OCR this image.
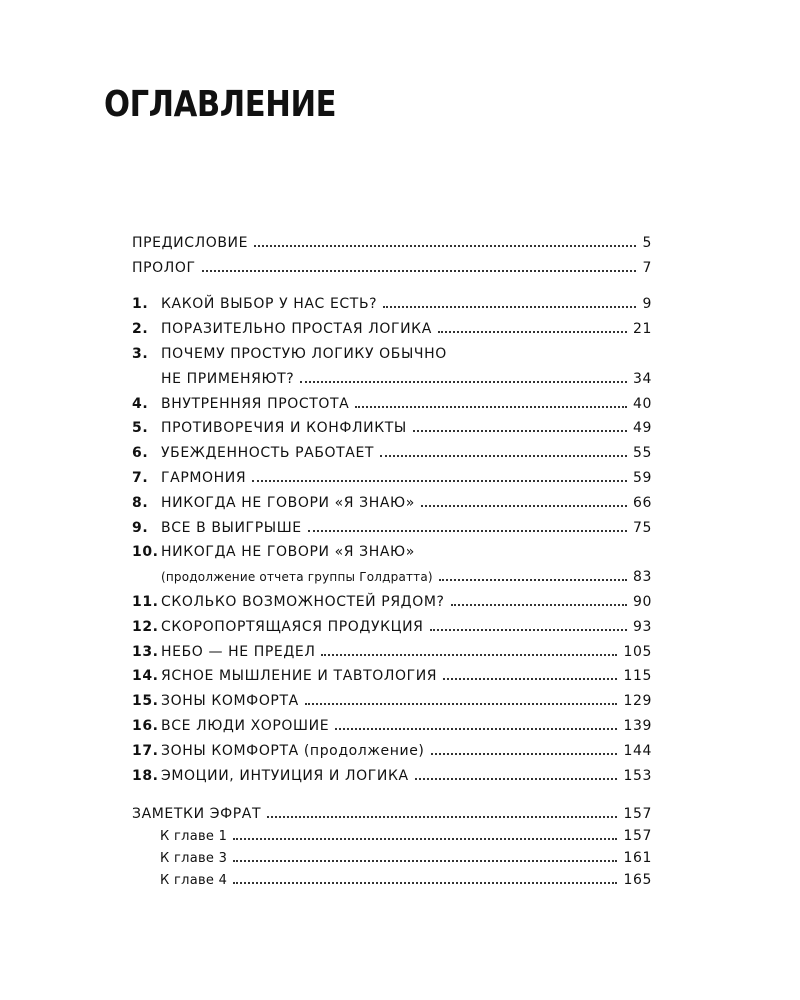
ОГЛАВЛЕНИЕ
ПРЕДИСЛОВИЕ	5
ПРОЛОГ	7
1. КАКОЙ ВЫБОР У НАС ЕСТЬ?	9
2. ПОРАЗИТЕЛЬНО ПРОСТАЯ ЛОГИКА	21
3. ПОЧЕМУ ПРОСТУЮ ЛОГИКУ ОБЫЧНО
НЕ ПРИМЕНЯЮТ?	34
4. ВНУТРЕННЯЯ ПРОСТОТА	40
5. ПРОТИВОРЕЧИЯ И КОНФЛИКТЫ	49
6. УБЕЖДЕННОСТЬ РАБОТАЕТ	55
7. ГАРМОНИЯ	59
8. НИКОГДА НЕ ГОВОРИ «Я ЗНАЮ»	66
9. ВСЕ В ВЫИГРЫШЕ	75
10. НИКОГДА НЕ ГОВОРИ «Я ЗНАЮ»
(продолжение отчета группы Голдратта)	83
11. СКОЛЬКО ВОЗМОЖНОСТЕЙ РЯДОМ?	90
12. СКОРОПОРТЯЩАЯСЯ ПРОДУКЦИЯ	93
13. НЕБО — НЕ ПРЕДЕЛ	105
14. ЯСНОЕ МЫШЛЕНИЕ И ТАВТОЛОГИЯ	115
15. ЗОНЫ КОМФОРТА	129
16. ВСЕ ЛЮДИ ХОРОШИЕ	139
17. ЗОНЫ КОМФОРТА
(продолжение)	144
18. ЭМОЦИИ, ИНТУИЦИЯ И ЛОГИКА	153
ЗАМЕТКИ ЭФРАТ	157
К главе 1	157
К главе 3	161
К главе 4	165
